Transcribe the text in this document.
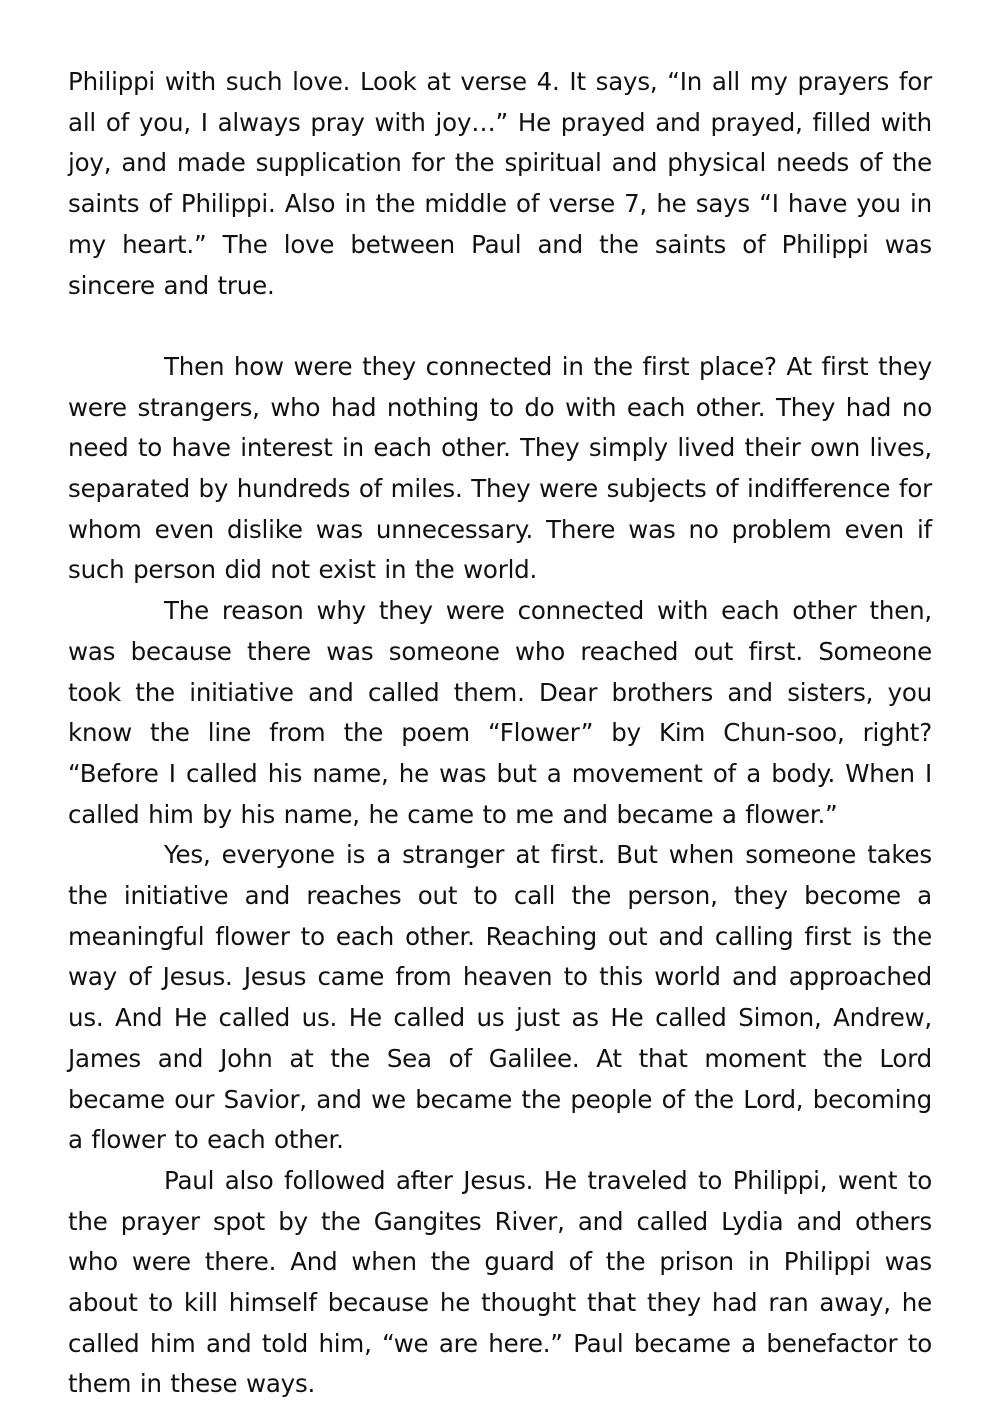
Philippi with such love. Look at verse 4. It says, “In all my prayers for all of you, I always pray with joy…” He prayed and prayed, filled with joy, and made supplication for the spiritual and physical needs of the saints of Philippi. Also in the middle of verse 7, he says “I have you in my heart.” The love between Paul and the saints of Philippi was sincere and true.

Then how were they connected in the first place? At first they were strangers, who had nothing to do with each other. They had no need to have interest in each other. They simply lived their own lives, separated by hundreds of miles. They were subjects of indifference for whom even dislike was unnecessary. There was no problem even if such person did not exist in the world.

The reason why they were connected with each other then, was because there was someone who reached out first. Someone took the initiative and called them. Dear brothers and sisters, you know the line from the poem “Flower” by Kim Chun-soo, right? “Before I called his name, he was but a movement of a body. When I called him by his name, he came to me and became a flower.”

Yes, everyone is a stranger at first. But when someone takes the initiative and reaches out to call the person, they become a meaningful flower to each other. Reaching out and calling first is the way of Jesus. Jesus came from heaven to this world and approached us. And He called us. He called us just as He called Simon, Andrew, James and John at the Sea of Galilee. At that moment the Lord became our Savior, and we became the people of the Lord, becoming a flower to each other.

Paul also followed after Jesus. He traveled to Philippi, went to the prayer spot by the Gangites River, and called Lydia and others who were there. And when the guard of the prison in Philippi was about to kill himself because he thought that they had ran away, he called him and told him, “we are here.” Paul became a benefactor to them in these ways.
